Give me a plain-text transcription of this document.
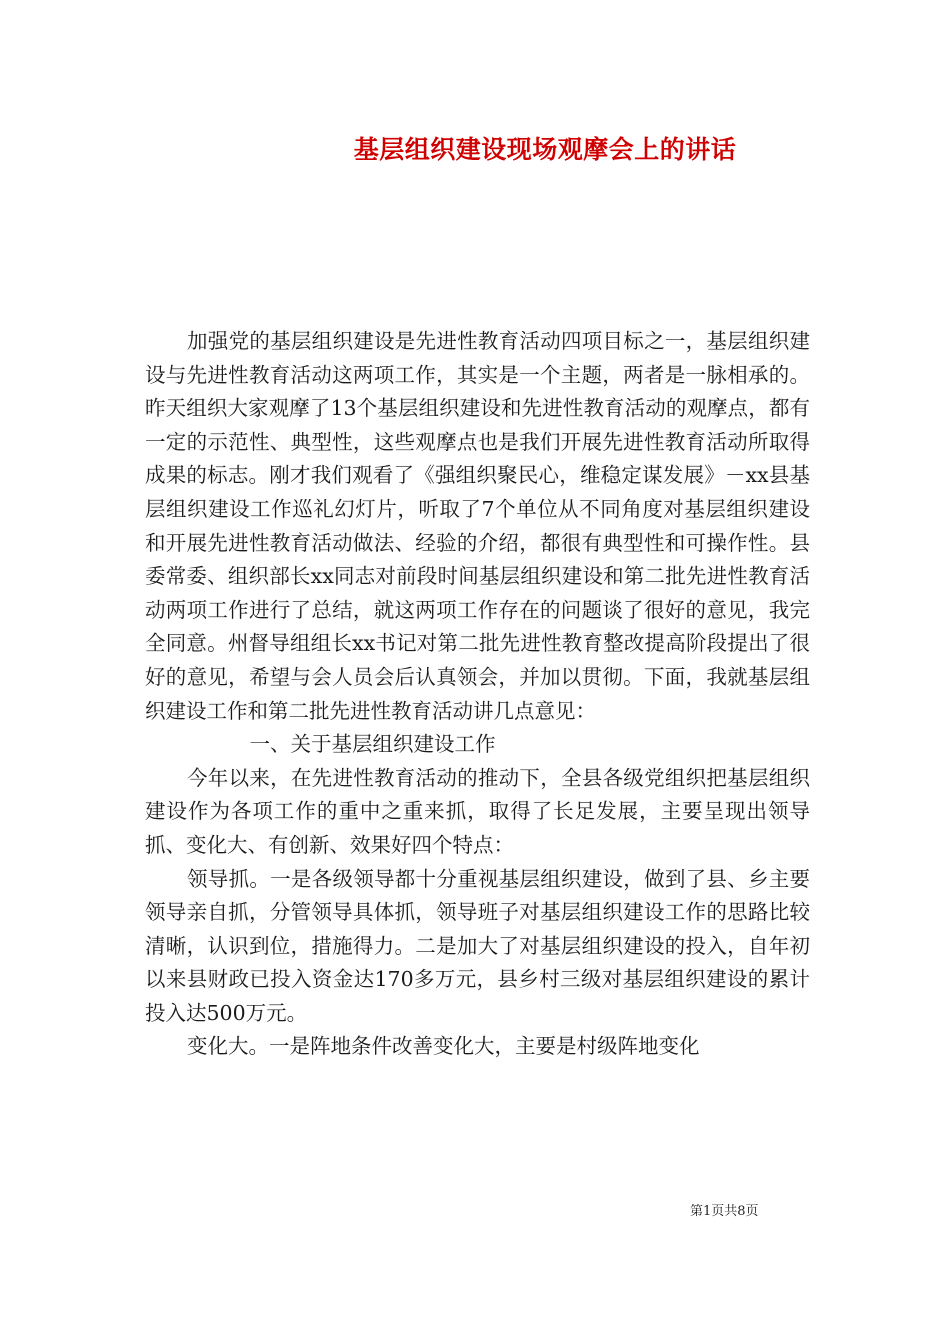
基层组织建设现场观摩会上的讲话

加强党的基层组织建设是先进性教育活动四项目标之一，基层组织建设与先进性教育活动这两项工作，其实是一个主题，两者是一脉相承的。昨天组织大家观摩了13个基层组织建设和先进性教育活动的观摩点，都有一定的示范性、典型性，这些观摩点也是我们开展先进性教育活动所取得成果的标志。刚才我们观看了《强组织聚民心，维稳定谋发展》－xx县基层组织建设工作巡礼幻灯片，听取了7个单位从不同角度对基层组织建设和开展先进性教育活动做法、经验的介绍，都很有典型性和可操作性。县委常委、组织部长xx同志对前段时间基层组织建设和第二批先进性教育活动两项工作进行了总结，就这两项工作存在的问题谈了很好的意见，我完全同意。州督导组组长xx书记对第二批先进性教育整改提高阶段提出了很好的意见，希望与会人员会后认真领会，并加以贯彻。下面，我就基层组织建设工作和第二批先进性教育活动讲几点意见：

一、关于基层组织建设工作

今年以来，在先进性教育活动的推动下，全县各级党组织把基层组织建设作为各项工作的重中之重来抓，取得了长足发展，主要呈现出领导抓、变化大、有创新、效果好四个特点：

领导抓。一是各级领导都十分重视基层组织建设，做到了县、乡主要领导亲自抓，分管领导具体抓，领导班子对基层组织建设工作的思路比较清晰，认识到位，措施得力。二是加大了对基层组织建设的投入，自年初以来县财政已投入资金达170多万元，县乡村三级对基层组织建设的累计投入达500万元。

变化大。一是阵地条件改善变化大，主要是村级阵地变化

第1页共8页
